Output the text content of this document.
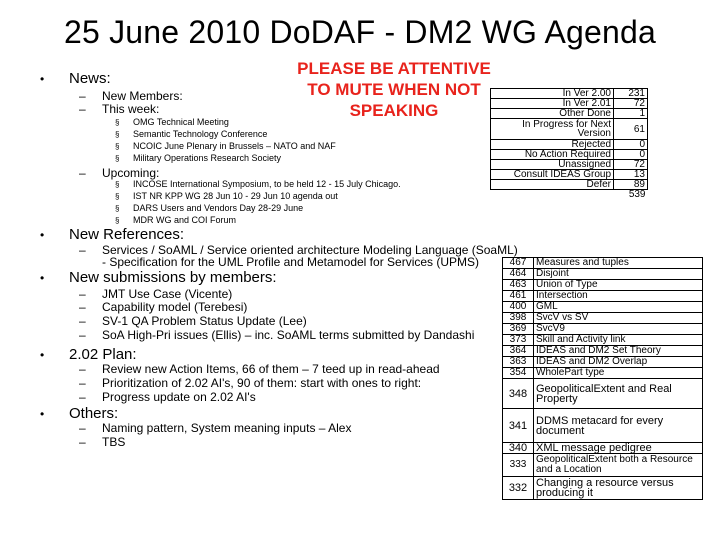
25 June 2010 DoDAF - DM2 WG Agenda
PLEASE BE ATTENTIVE
TO MUTE WHEN NOT
SPEAKING
• News:
– New Members:
– This week:
§ OMG Technical Meeting
§ Semantic Technology Conference
§ NCOIC June Plenary in Brussels – NATO and NAF
§ Military Operations Research Society
– Upcoming:
§ INCOSE International Symposium, to be held 12 - 15 July Chicago.
§ IST NR KPP WG 28 Jun 10 - 29 Jun 10 agenda out
§ DARS Users and Vendors Day 28-29 June
§ MDR WG and COI Forum
• New References:
– Services / SoAML / Service oriented architecture Modeling Language (SoaML)
- Specification for the UML Profile and Metamodel for Services (UPMS)
• New submissions by members:
– JMT Use Case (Vicente)
– Capability model (Terebesi)
– SV-1 QA Problem Status Update (Lee)
– SoA High-Pri issues (Ellis) – inc. SoAML terms submitted by Dandashi
• 2.02 Plan:
– Review new Action Items, 66 of them – 7 teed up in read-ahead
– Prioritization of 2.02 AI's, 90 of them: start with ones to right:
– Progress update on 2.02 AI's
• Others:
– Naming pattern, System meaning inputs – Alex
– TBS
In Ver 2.00	231
In Ver 2.01	72
Other Done	1
In Progress for Next Version	61
Rejected	0
No Action Required	0
Unassigned	72
Consult IDEAS Group	13
Defer	89
	539
467	Measures and tuples
464	Disjoint
463	Union of Type
461	Intersection
400	GML
398	SvcV vs SV
369	SvcV9
373	Skill and Activity link
364	IDEAS and DM2 Set Theory
363	IDEAS and DM2 Overlap
354	WholePart type
348	GeopoliticalExtent and Real Property
341	DDMS metacard for every document
340	XML message pedigree
333	GeopoliticalExtent both a Resource and a Location
332	Changing a resource versus producing it
